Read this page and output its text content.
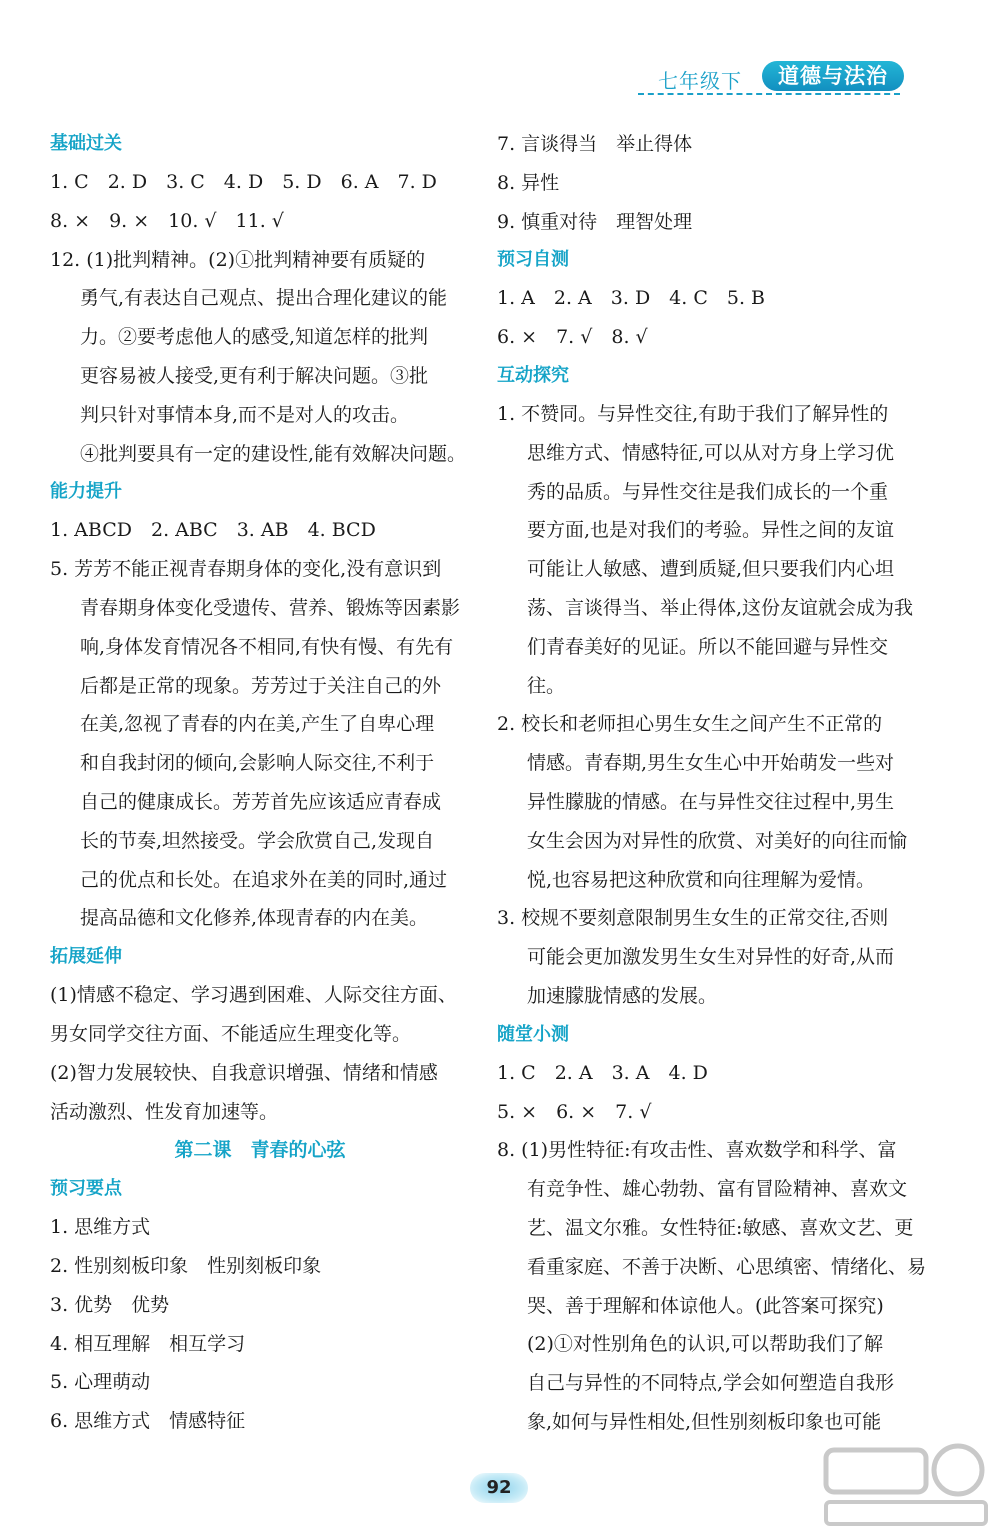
七年级下	道德与法治
基础过关
1. C　2. D　3. C　4. D　5. D　6. A　7. D
8. ×　9. ×　10. √　11. √
12. (1)批判精神。(2)①批判精神要有质疑的
勇气,有表达自己观点、提出合理化建议的能
力。②要考虑他人的感受,知道怎样的批判
更容易被人接受,更有利于解决问题。③批
判只针对事情本身,而不是对人的攻击。
④批判要具有一定的建设性,能有效解决问题。
能力提升
1. ABCD　2. ABC　3. AB　4. BCD
5. 芳芳不能正视青春期身体的变化,没有意识到
青春期身体变化受遗传、营养、锻炼等因素影
响,身体发育情况各不相同,有快有慢、有先有
后都是正常的现象。芳芳过于关注自己的外
在美,忽视了青春的内在美,产生了自卑心理
和自我封闭的倾向,会影响人际交往,不利于
自己的健康成长。芳芳首先应该适应青春成
长的节奏,坦然接受。学会欣赏自己,发现自
己的优点和长处。在追求外在美的同时,通过
提高品德和文化修养,体现青春的内在美。
拓展延伸
(1)情感不稳定、学习遇到困难、人际交往方面、
男女同学交往方面、不能适应生理变化等。
(2)智力发展较快、自我意识增强、情绪和情感
活动激烈、性发育加速等。
第二课　青春的心弦
预习要点
1. 思维方式
2. 性别刻板印象　性别刻板印象
3. 优势　优势
4. 相互理解　相互学习
5. 心理萌动
6. 思维方式　情感特征
7. 言谈得当　举止得体
8. 异性
9. 慎重对待　理智处理
预习自测
1. A　2. A　3. D　4. C　5. B
6. ×　7. √　8. √
互动探究
1. 不赞同。与异性交往,有助于我们了解异性的
思维方式、情感特征,可以从对方身上学习优
秀的品质。与异性交往是我们成长的一个重
要方面,也是对我们的考验。异性之间的友谊
可能让人敏感、遭到质疑,但只要我们内心坦
荡、言谈得当、举止得体,这份友谊就会成为我
们青春美好的见证。所以不能回避与异性交
往。
2. 校长和老师担心男生女生之间产生不正常的
情感。青春期,男生女生心中开始萌发一些对
异性朦胧的情感。在与异性交往过程中,男生
女生会因为对异性的欣赏、对美好的向往而愉
悦,也容易把这种欣赏和向往理解为爱情。
3. 校规不要刻意限制男生女生的正常交往,否则
可能会更加激发男生女生对异性的好奇,从而
加速朦胧情感的发展。
随堂小测
1. C　2. A　3. A　4. D
5. ×　6. ×　7. √
8. (1)男性特征:有攻击性、喜欢数学和科学、富
有竞争性、雄心勃勃、富有冒险精神、喜欢文
艺、温文尔雅。女性特征:敏感、喜欢文艺、更
看重家庭、不善于决断、心思缜密、情绪化、易
哭、善于理解和体谅他人。(此答案可探究)
(2)①对性别角色的认识,可以帮助我们了解
自己与异性的不同特点,学会如何塑造自我形
象,如何与异性相处,但性别刻板印象也可能
92
